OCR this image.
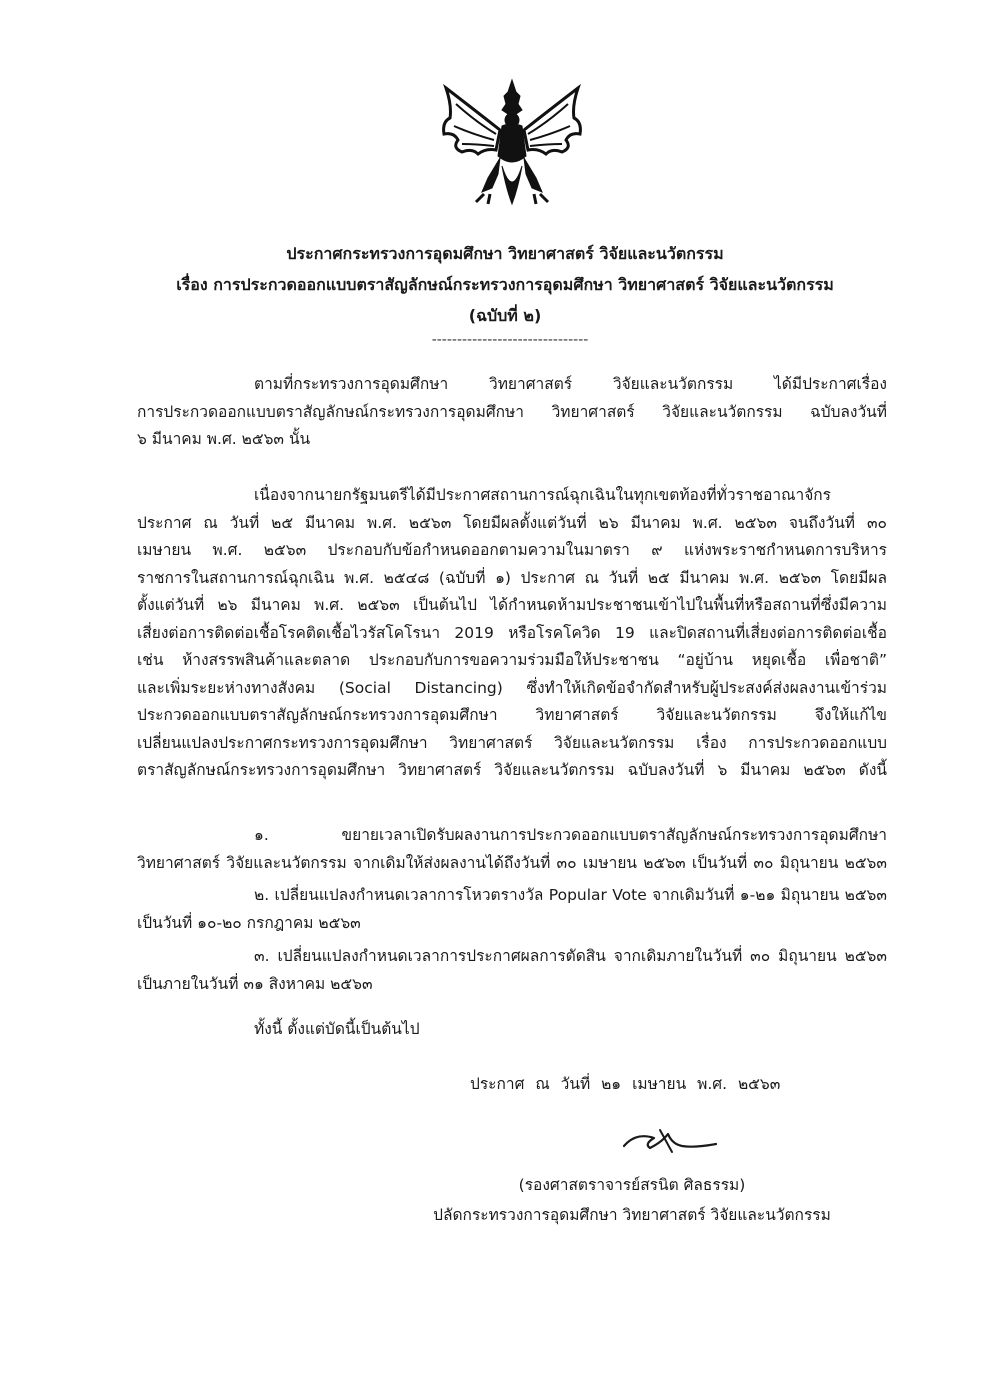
ประกาศกระทรวงการอุดมศึกษา วิทยาศาสตร์ วิจัยและนวัตกรรม
เรื่อง การประกวดออกแบบตราสัญลักษณ์กระทรวงการอุดมศึกษา วิทยาศาสตร์ วิจัยและนวัตกรรม
(ฉบับที่ ๒)
-------------------------------
ตามที่กระทรวงการอุดมศึกษา วิทยาศาสตร์ วิจัยและนวัตกรรม ได้มีประกาศเรื่อง
การประกวดออกแบบตราสัญลักษณ์กระทรวงการอุดมศึกษา วิทยาศาสตร์ วิจัยและนวัตกรรม ฉบับลงวันที่
๖ มีนาคม พ.ศ. ๒๕๖๓ นั้น
เนื่องจากนายกรัฐมนตรีได้มีประกาศสถานการณ์ฉุกเฉินในทุกเขตท้องที่ทั่วราชอาณาจักร
ประกาศ ณ วันที่ ๒๕ มีนาคม พ.ศ. ๒๕๖๓ โดยมีผลตั้งแต่วันที่ ๒๖ มีนาคม พ.ศ. ๒๕๖๓ จนถึงวันที่ ๓๐
เมษายน พ.ศ. ๒๕๖๓ ประกอบกับข้อกำหนดออกตามความในมาตรา ๙ แห่งพระราชกำหนดการบริหาร
ราชการในสถานการณ์ฉุกเฉิน พ.ศ. ๒๕๔๘ (ฉบับที่ ๑) ประกาศ ณ วันที่ ๒๕ มีนาคม พ.ศ. ๒๕๖๓ โดยมีผล
ตั้งแต่วันที่ ๒๖ มีนาคม พ.ศ. ๒๕๖๓ เป็นต้นไป ได้กำหนดห้ามประชาชนเข้าไปในพื้นที่หรือสถานที่ซึ่งมีความ
เสี่ยงต่อการติดต่อเชื้อโรคติดเชื้อไวรัสโคโรนา 2019 หรือโรคโควิด 19 และปิดสถานที่เสี่ยงต่อการติดต่อเชื้อ
เช่น ห้างสรรพสินค้าและตลาด ประกอบกับการขอความร่วมมือให้ประชาชน “อยู่บ้าน หยุดเชื้อ เพื่อชาติ”
และเพิ่มระยะห่างทางสังคม (Social Distancing) ซึ่งทำให้เกิดข้อจำกัดสำหรับผู้ประสงค์ส่งผลงานเข้าร่วม
ประกวดออกแบบตราสัญลักษณ์กระทรวงการอุดมศึกษา วิทยาศาสตร์ วิจัยและนวัตกรรม จึงให้แก้ไข
เปลี่ยนแปลงประกาศกระทรวงการอุดมศึกษา วิทยาศาสตร์ วิจัยและนวัตกรรม เรื่อง การประกวดออกแบบ
ตราสัญลักษณ์กระทรวงการอุดมศึกษา วิทยาศาสตร์ วิจัยและนวัตกรรม ฉบับลงวันที่ ๖ มีนาคม ๒๕๖๓ ดังนี้
๑. ขยายเวลาเปิดรับผลงานการประกวดออกแบบตราสัญลักษณ์กระทรวงการอุดมศึกษา
วิทยาศาสตร์ วิจัยและนวัตกรรม จากเดิมให้ส่งผลงานได้ถึงวันที่ ๓๐ เมษายน ๒๕๖๓ เป็นวันที่ ๓๐ มิถุนายน ๒๕๖๓
๒. เปลี่ยนแปลงกำหนดเวลาการโหวตรางวัล Popular Vote จากเดิมวันที่ ๑-๒๑ มิถุนายน ๒๕๖๓
เป็นวันที่ ๑๐-๒๐ กรกฎาคม ๒๕๖๓
๓. เปลี่ยนแปลงกำหนดเวลาการประกาศผลการตัดสิน จากเดิมภายในวันที่ ๓๐ มิถุนายน ๒๕๖๓
เป็นภายในวันที่ ๓๑ สิงหาคม ๒๕๖๓
ทั้งนี้ ตั้งแต่บัดนี้เป็นต้นไป
ประกาศ ณ วันที่ ๒๑ เมษายน พ.ศ. ๒๕๖๓
(รองศาสตราจารย์สรนิต ศิลธรรม)
ปลัดกระทรวงการอุดมศึกษา วิทยาศาสตร์ วิจัยและนวัตกรรม
